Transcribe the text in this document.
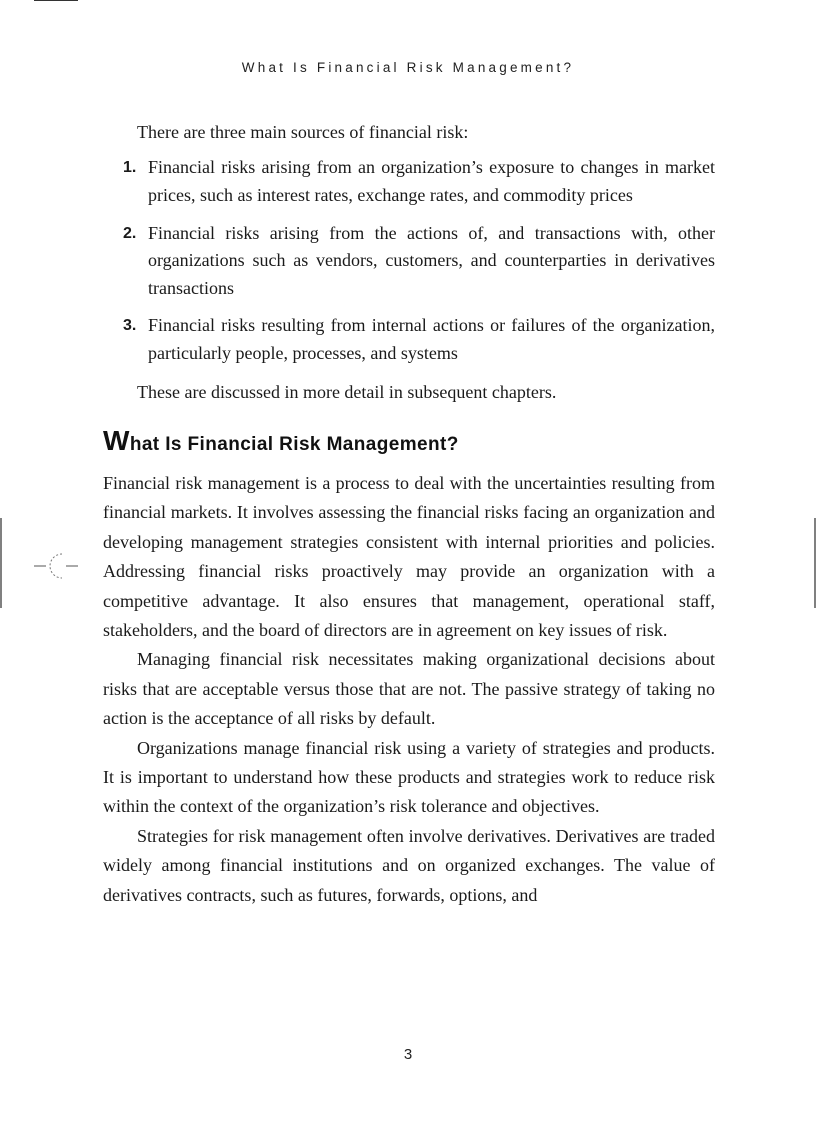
What Is Financial Risk Management?

There are three main sources of financial risk:

1. Financial risks arising from an organization’s exposure to changes in market prices, such as interest rates, exchange rates, and commodity prices
2. Financial risks arising from the actions of, and transactions with, other organizations such as vendors, customers, and counterparties in derivatives transactions
3. Financial risks resulting from internal actions or failures of the organization, particularly people, processes, and systems

These are discussed in more detail in subsequent chapters.

What Is Financial Risk Management?

Financial risk management is a process to deal with the uncertainties resulting from financial markets. It involves assessing the financial risks facing an organization and developing management strategies consistent with internal priorities and policies. Addressing financial risks proactively may provide an organization with a competitive advantage. It also ensures that management, operational staff, stakeholders, and the board of directors are in agreement on key issues of risk.

Managing financial risk necessitates making organizational decisions about risks that are acceptable versus those that are not. The passive strategy of taking no action is the acceptance of all risks by default.

Organizations manage financial risk using a variety of strategies and products. It is important to understand how these products and strategies work to reduce risk within the context of the organization’s risk tolerance and objectives.

Strategies for risk management often involve derivatives. Derivatives are traded widely among financial institutions and on organized exchanges. The value of derivatives contracts, such as futures, forwards, options, and

3
